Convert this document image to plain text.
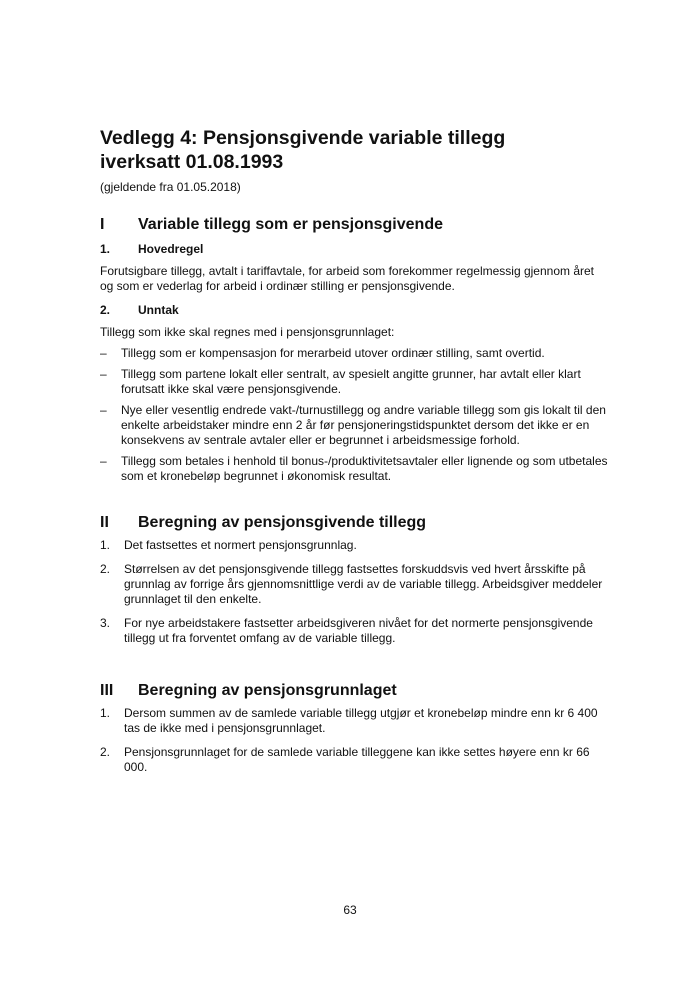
Vedlegg 4: Pensjonsgivende variable tillegg
iverksatt 01.08.1993
(gjeldende fra 01.05.2018)
I	Variable tillegg som er pensjonsgivende
1.	Hovedregel
Forutsigbare tillegg, avtalt i tariffavtale, for arbeid som forekommer regelmessig gjennom året og som er vederlag for arbeid i ordinær stilling er pensjonsgivende.
2.	Unntak
Tillegg som ikke skal regnes med i pensjonsgrunnlaget:
–	Tillegg som er kompensasjon for merarbeid utover ordinær stilling, samt overtid.
–	Tillegg som partene lokalt eller sentralt, av spesielt angitte grunner, har avtalt eller klart forutsatt ikke skal være pensjonsgivende.
–	Nye eller vesentlig endrede vakt-/turnustillegg og andre variable tillegg som gis lokalt til den enkelte arbeidstaker mindre enn 2 år før pensjoneringstidspunktet dersom det ikke er en konsekvens av sentrale avtaler eller er begrunnet i arbeidsmessige forhold.
–	Tillegg som betales i henhold til bonus-/produktivitetsavtaler eller lignende og som utbetales som et kronebeløp begrunnet i økonomisk resultat.
II	Beregning av pensjonsgivende tillegg
1.	Det fastsettes et normert pensjonsgrunnlag.
2.	Størrelsen av det pensjonsgivende tillegg fastsettes forskuddsvis ved hvert årsskifte på grunnlag av forrige års gjennomsnittlige verdi av de variable tillegg. Arbeidsgiver meddeler grunnlaget til den enkelte.
3.	For nye arbeidstakere fastsetter arbeidsgiveren nivået for det normerte pensjonsgivende tillegg ut fra forventet omfang av de variable tillegg.
III	Beregning av pensjonsgrunnlaget
1.	Dersom summen av de samlede variable tillegg utgjør et kronebeløp mindre enn kr 6 400 tas de ikke med i pensjonsgrunnlaget.
2.	Pensjonsgrunnlaget for de samlede variable tilleggene kan ikke settes høyere enn kr 66 000.
63
